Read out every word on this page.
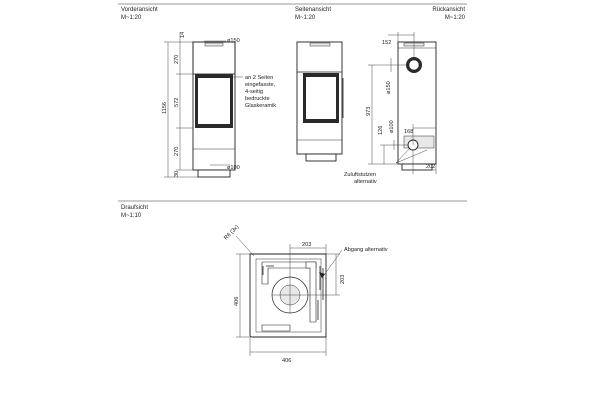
Vorderansicht
M~1:20
Seitenansicht
M~1:20
Rückansicht
M~1:20
Draufsicht
M~1:10
14
270
1156 572
270
30
ø150
ø100
an 2 Seiten eingefasste, 4-seitig bedruckte Glaskeramik
152
973
ø150
126 ø100 168
202
Zuluftstutzen alternativ
R6 (3x)
203
203
406
406
Abgang alternativ
